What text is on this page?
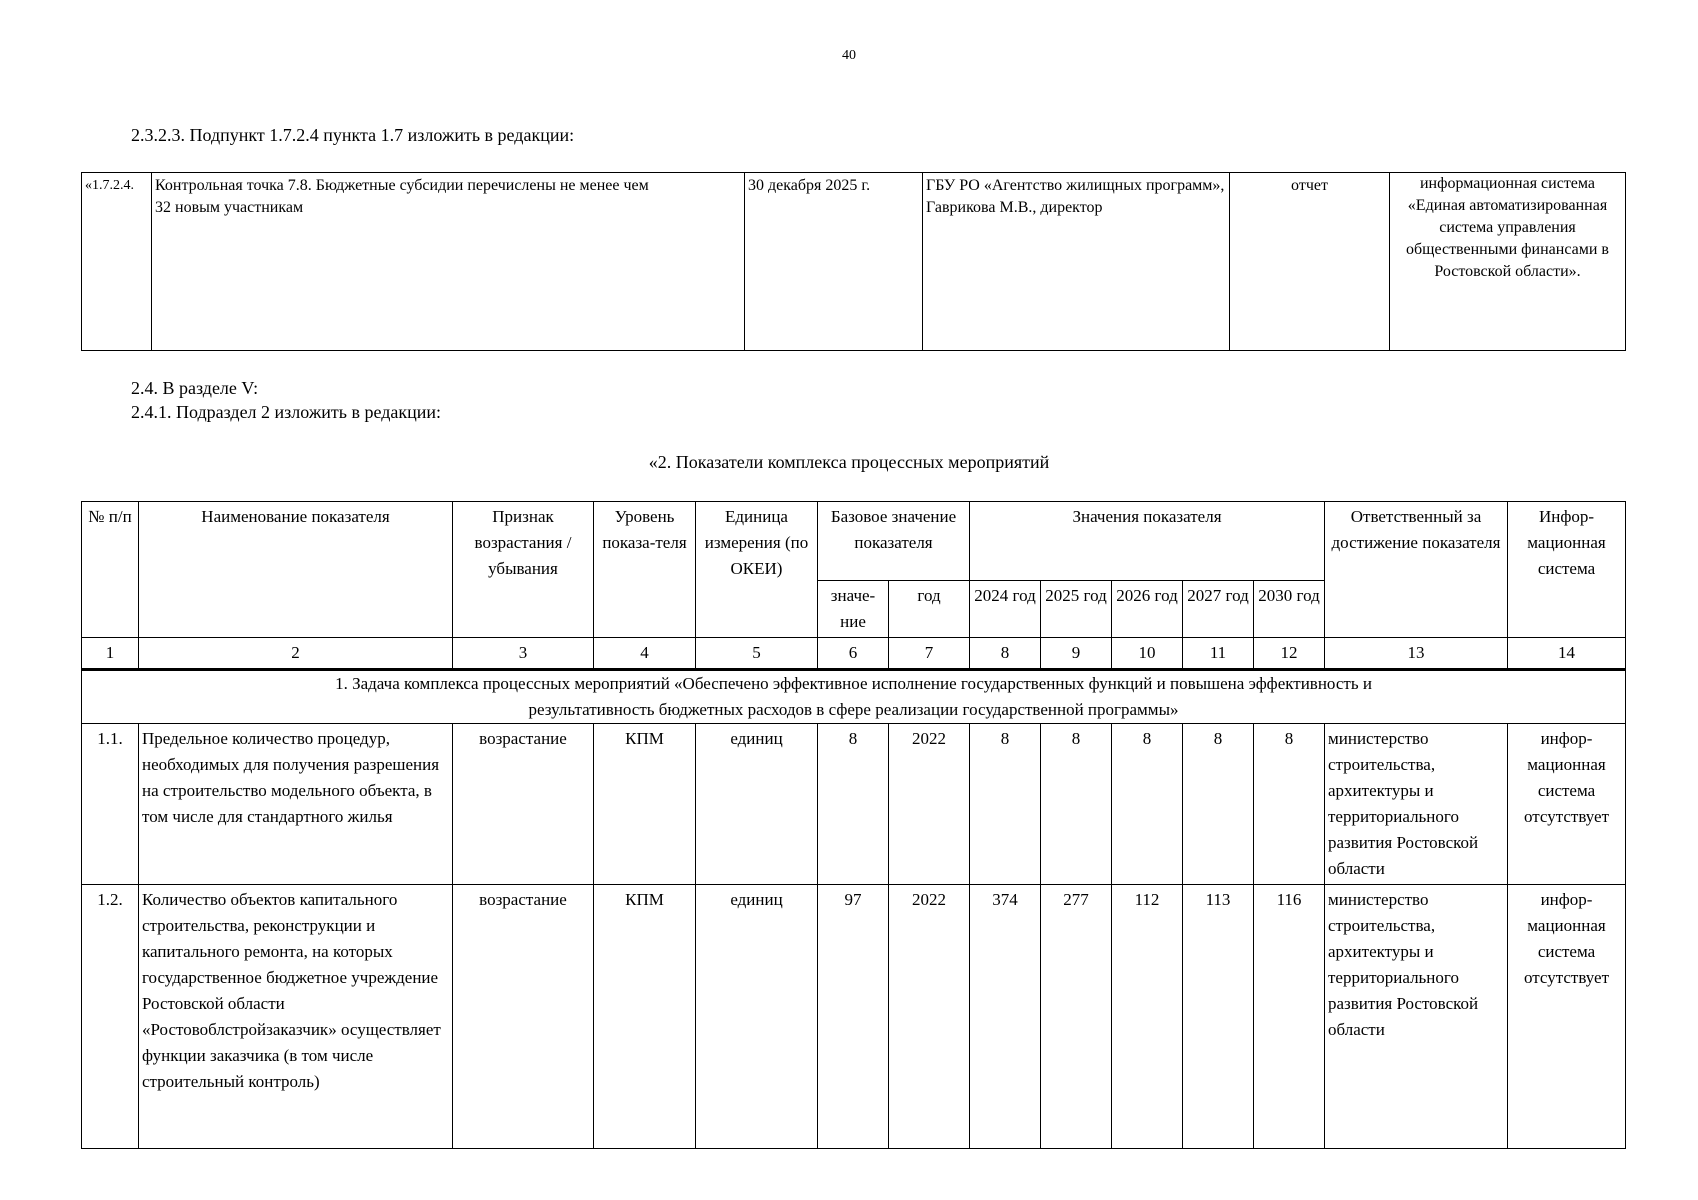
40
2.3.2.3. Подпункт 1.7.2.4 пункта 1.7 изложить в редакции:
«1.7.2.4.	Контрольная точка 7.8. Бюджетные субсидии перечислены не менее чем 32 новым участникам	30 декабря 2025 г.	ГБУ РО «Агентство жилищных программ», Гаврикова М.В., директор	отчет	информационная система «Единая автоматизированная система управления общественными финансами в Ростовской области».
2.4. В разделе V:
2.4.1. Подраздел 2 изложить в редакции:
«2. Показатели комплекса процессных мероприятий
№ п/п	Наименование показателя	Признак возрастания / убывания	Уровень показа-теля	Единица измерения (по ОКЕИ)	Базовое значение показателя		Значения показателя					Ответственный за достижение показателя	Инфор-мационная система
					значе-ние	год	2024 год	2025 год	2026 год	2027 год	2030 год		
1	2	3	4	5	6	7	8	9	10	11	12	13	14
1. Задача комплекса процессных мероприятий «Обеспечено эффективное исполнение государственных функций и повышена эффективность и результативность бюджетных расходов в сфере реализации государственной программы»													
1.1.	Предельное количество процедур, необходимых для получения разрешения на строительство модельного объекта, в том числе для стандартного жилья	возрастание	КПМ	единиц	8	2022	8	8	8	8	8	министерство строительства, архитектуры и территориального развития Ростовской области	инфор-мационная система отсутствует
1.2.	Количество объектов капитального строительства, реконструкции и капитального ремонта, на которых государственное бюджетное учреждение Ростовской области «Ростовоблстройзаказчик» осуществляет функции заказчика (в том числе строительный контроль)	возрастание	КПМ	единиц	97	2022	374	277	112	113	116	министерство строительства, архитектуры и территориального развития Ростовской области	инфор-мационная система отсутствует
